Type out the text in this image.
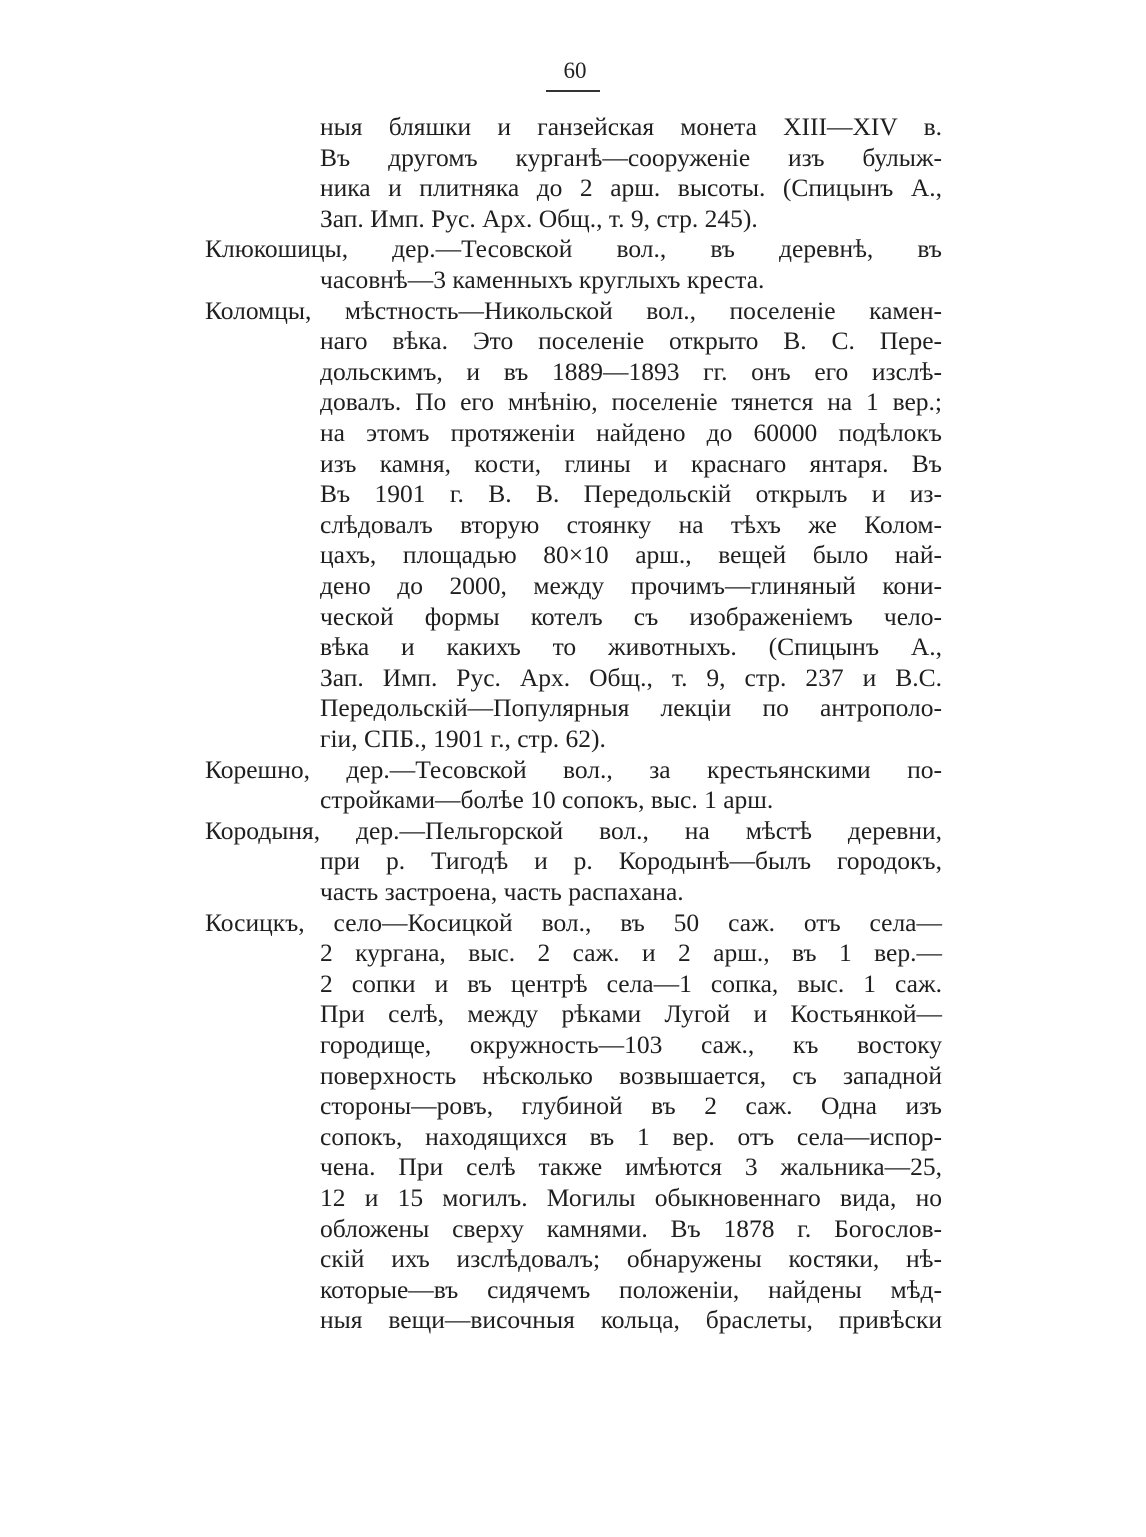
60
ныя бляшки и ганзейская монета XIII—XIV в.
Въ другомъ курганѣ—сооруженіе изъ булыж-
ника и плитняка до 2 арш. высоты. (Спицынъ А.,
Зап. Имп. Рус. Арх. Общ., т. 9, стр. 245).
Клюкошицы, дер.—Тесовской вол., въ деревнѣ, въ
часовнѣ—3 каменныхъ круглыхъ креста.
Коломцы, мѣстность—Никольской вол., поселеніе камен-
наго вѣка. Это поселеніе открыто В. С. Пере-
дольскимъ, и въ 1889—1893 гг. онъ его изслѣ-
довалъ. По его мнѣнію, поселеніе тянется на 1 вер.;
на этомъ протяженіи найдено до 60000 подѣлокъ
изъ камня, кости, глины и краснаго янтаря. Въ
Въ 1901 г. В. В. Передольскій открылъ и из-
слѣдовалъ вторую стоянку на тѣхъ же Колом-
цахъ, площадью 80×10 арш., вещей было най-
дено до 2000, между прочимъ—глиняный кони-
ческой формы котелъ съ изображеніемъ чело-
вѣка и какихъ то животныхъ. (Спицынъ А.,
Зап. Имп. Рус. Арх. Общ., т. 9, стр. 237 и В.С.
Передольскій—Популярныя лекціи по антрополо-
гіи, СПБ., 1901 г., стр. 62).
Корешно, дер.—Тесовской вол., за крестьянскими по-
стройками—болѣе 10 сопокъ, выс. 1 арш.
Кородыня, дер.—Пельгорской вол., на мѣстѣ деревни,
при р. Тигодѣ и р. Кородынѣ—былъ городокъ,
часть застроена, часть распахана.
Косицкъ, село—Косицкой вол., въ 50 саж. отъ села—
2 кургана, выс. 2 саж. и 2 арш., въ 1 вер.—
2 сопки и въ центрѣ села—1 сопка, выс. 1 саж.
При селѣ, между рѣками Лугой и Костьянкой—
городище, окружность—103 саж., къ востоку
поверхность нѣсколько возвышается, съ западной
стороны—ровъ, глубиной въ 2 саж. Одна изъ
сопокъ, находящихся въ 1 вер. отъ села—испор-
чена. При селѣ также имѣются 3 жальника—25,
12 и 15 могилъ. Могилы обыкновеннаго вида, но
обложены сверху камнями. Въ 1878 г. Богослов-
скій ихъ изслѣдовалъ; обнаружены костяки, нѣ-
которые—въ сидячемъ положеніи, найдены мѣд-
ныя вещи—височныя кольца, браслеты, привѣски
